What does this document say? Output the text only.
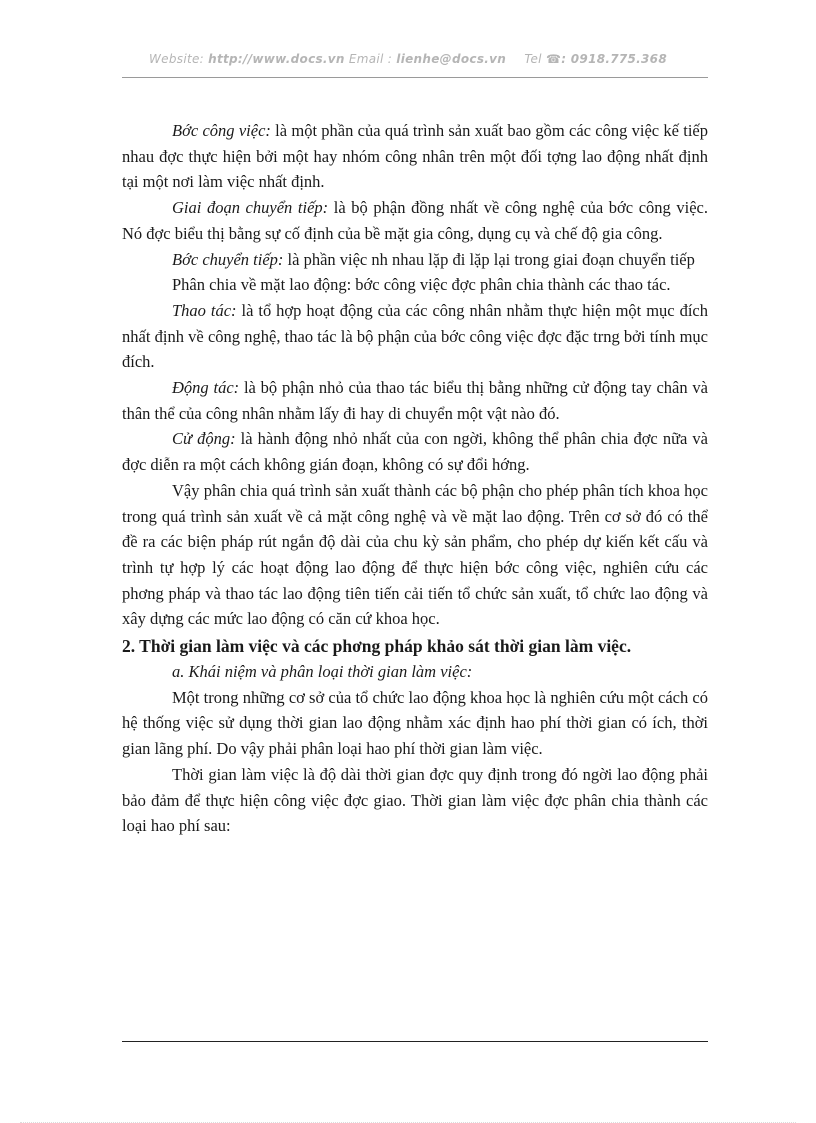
Website: http://www.docs.vn Email : lienhe@docs.vn Tel ☎: 0918.775.368

Bớc công việc: là một phần của quá trình sản xuất bao gồm các công việc kế tiếp nhau đợc thực hiện bởi một hay nhóm công nhân trên một đối tợng lao động nhất định tại một nơi làm việc nhất định.

Giai đoạn chuyển tiếp: là bộ phận đồng nhất về công nghệ của bớc công việc. Nó đợc biểu thị bằng sự cố định của bề mặt gia công, dụng cụ và chế độ gia công.

Bớc chuyển tiếp: là phần việc nh nhau lặp đi lặp lại trong giai đoạn chuyển tiếp

Phân chia về mặt lao động: bớc công việc đợc phân chia thành các thao tác.

Thao tác: là tổ hợp hoạt động của các công nhân nhằm thực hiện một mục đích nhất định về công nghệ, thao tác là bộ phận của bớc công việc đợc đặc trng bởi tính mục đích.

Động tác: là bộ phận nhỏ của thao tác biểu thị bằng những cử động tay chân và thân thể của công nhân nhằm lấy đi hay di chuyển một vật nào đó.

Cử động: là hành động nhỏ nhất của con ngời, không thể phân chia đợc nữa và đợc diễn ra một cách không gián đoạn, không có sự đổi hớng.

Vậy phân chia quá trình sản xuất thành các bộ phận cho phép phân tích khoa học trong quá trình sản xuất về cả mặt công nghệ và về mặt lao động. Trên cơ sở đó có thể đề ra các biện pháp rút ngắn độ dài của chu kỳ sản phẩm, cho phép dự kiến kết cấu và trình tự hợp lý các hoạt động lao động để thực hiện bớc công việc, nghiên cứu các phơng pháp và thao tác lao động tiên tiến cải tiến tổ chức sản xuất, tổ chức lao động và xây dựng các mức lao động có căn cứ khoa học.

2. Thời gian làm việc và các phơng pháp khảo sát thời gian làm việc.

a. Khái niệm và phân loại thời gian làm việc:

Một trong những cơ sở của tổ chức lao động khoa học là nghiên cứu một cách có hệ thống việc sử dụng thời gian lao động nhằm xác định hao phí thời gian có ích, thời gian lãng phí. Do vậy phải phân loại hao phí thời gian làm việc.

Thời gian làm việc là độ dài thời gian đợc quy định trong đó ngời lao động phải bảo đảm để thực hiện công việc đợc giao. Thời gian làm việc đợc phân chia thành các loại hao phí sau:
